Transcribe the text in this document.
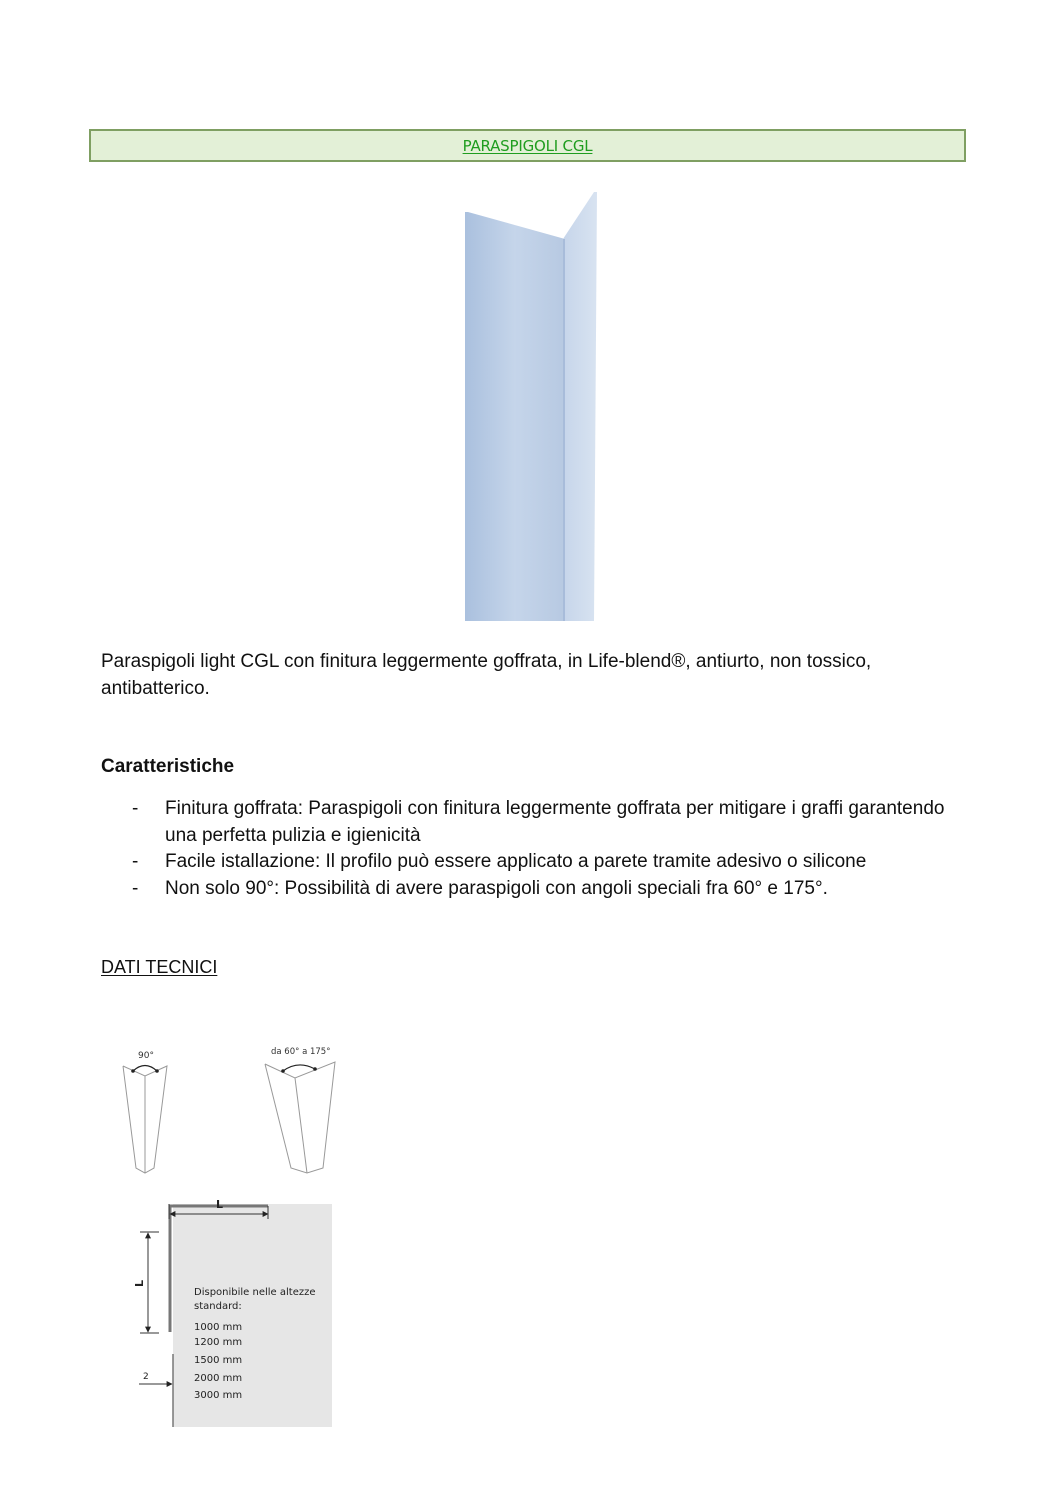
PARASPIGOLI CGL
Paraspigoli light CGL con finitura leggermente goffrata, in Life-blend®, antiurto, non tossico, antibatterico.
Caratteristiche
- Finitura goffrata: Paraspigoli con finitura leggermente goffrata per mitigare i graffi garantendo una perfetta pulizia e igienicità
- Facile istallazione: Il profilo può essere applicato a parete tramite adesivo o silicone
- Non solo 90°: Possibilità di avere paraspigoli con angoli speciali fra 60° e 175°.
DATI TECNICI
90°	da 60° a 175°
L
L
2
Disponibile nelle altezze
standard:
1000 mm
1200 mm
1500 mm
2000 mm
3000 mm
